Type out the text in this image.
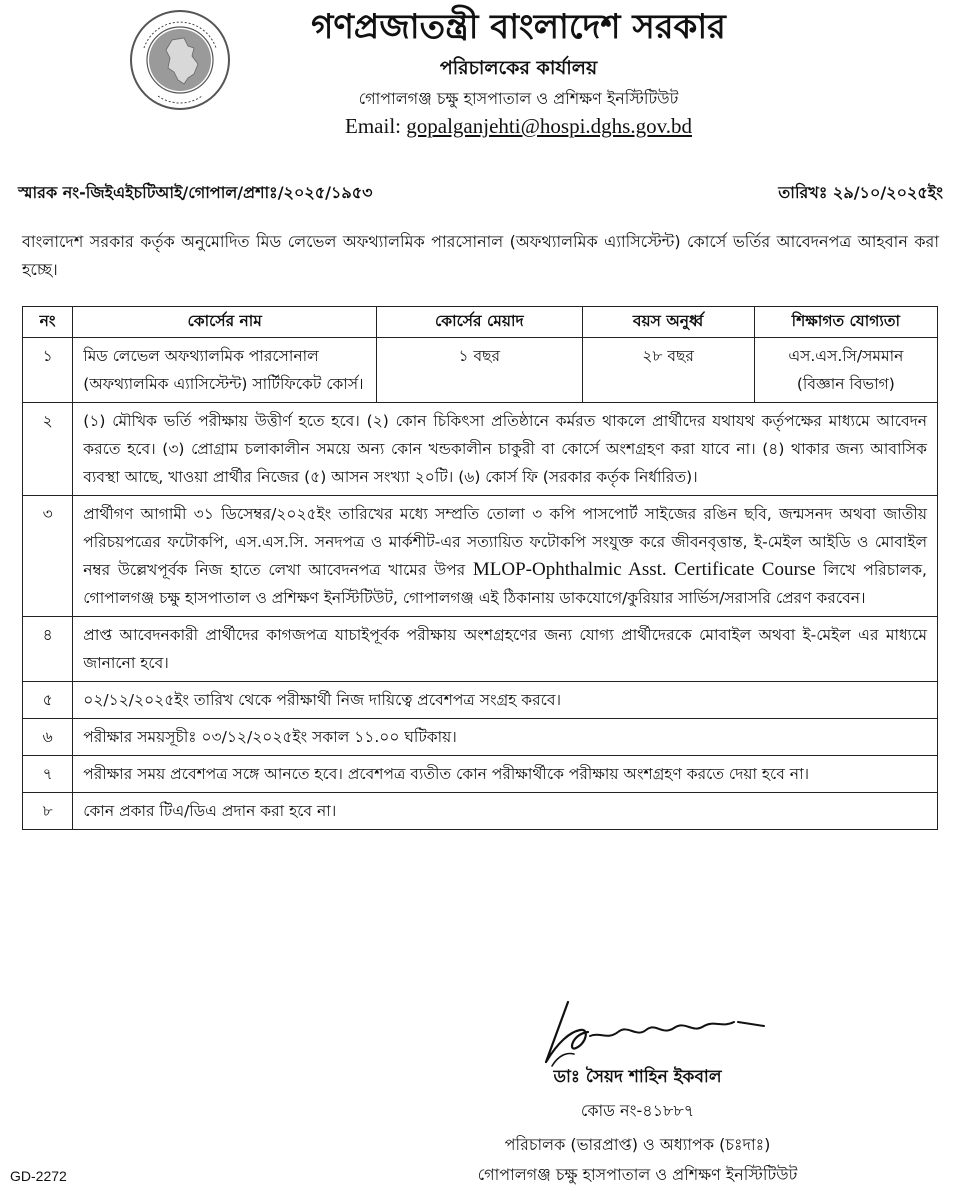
গণপ্রজাতন্ত্রী বাংলাদেশ সরকার
পরিচালকের কার্যালয়
গোপালগঞ্জ চক্ষু হাসপাতাল ও প্রশিক্ষণ ইনস্টিটিউট
Email: gopalganjehti@hospi.dghs.gov.bd
স্মারক নং-জিইএইচটিআই/গোপাল/প্রশাঃ/২০২৫/১৯৫৩	তারিখঃ ২৯/১০/২০২৫ইং
বাংলাদেশ সরকার কর্তৃক অনুমোদিত মিড লেভেল অফথ্যালমিক পারসোনাল (অফথ্যালমিক এ্যাসিস্টেন্ট) কোর্সে ভর্তির আবেদনপত্র আহবান করা হচ্ছে।
নং	কোর্সের নাম	কোর্সের মেয়াদ	বয়স অনুর্ধ্ব	শিক্ষাগত যোগ্যতা
১	মিড লেভেল অফথ্যালমিক পারসোনাল (অফথ্যালমিক এ্যাসিস্টেন্ট) সার্টিফিকেট কোর্স।	১ বছর	২৮ বছর	এস.এস.সি/সমমান
(বিজ্ঞান বিভাগ)

২	(১) মৌখিক ভর্তি পরীক্ষায় উত্তীর্ণ হতে হবে। (২) কোন চিকিৎসা প্রতিষ্ঠানে কর্মরত থাকলে প্রার্থীদের যথাযথ কর্তৃপক্ষের মাধ্যমে আবেদন করতে হবে। (৩) প্রোগ্রাম চলাকালীন সময়ে অন্য কোন খন্ডকালীন চাকুরী বা কোর্সে অংশগ্রহণ করা যাবে না। (৪) থাকার জন্য আবাসিক ব্যবস্থা আছে, খাওয়া প্রার্থীর নিজের (৫) আসন সংখ্যা ২০টি। (৬) কোর্স ফি (সরকার কর্তৃক নির্ধারিত)।			
৩	প্রার্থীগণ আগামী ৩১ ডিসেম্বর/২০২৫ইং তারিখের মধ্যে সম্প্রতি তোলা ৩ কপি পাসপোর্ট সাইজের রঙিন ছবি, জন্মসনদ অথবা জাতীয় পরিচয়পত্রের ফটোকপি, এস.এস.সি. সনদপত্র ও মার্কশীট-এর সত্যায়িত ফটোকপি সংযুক্ত করে জীবনবৃত্তান্ত, ই-মেইল আইডি ও মোবাইল নম্বর উল্লেখপূর্বক নিজ হাতে লেখা আবেদনপত্র খামের উপর MLOP-Ophthalmic Asst. Certificate Course লিখে পরিচালক, গোপালগঞ্জ চক্ষু হাসপাতাল ও প্রশিক্ষণ ইনস্টিটিউট, গোপালগঞ্জ এই ঠিকানায় ডাকযোগে/কুরিয়ার সার্ভিস/সরাসরি প্রেরণ করবেন।			
৪	প্রাপ্ত আবেদনকারী প্রার্থীদের কাগজপত্র যাচাইপূর্বক পরীক্ষায় অংশগ্রহণের জন্য যোগ্য প্রার্থীদেরকে মোবাইল অথবা ই-মেইল এর মাধ্যমে জানানো হবে।			
৫	০২/১২/২০২৫ইং তারিখ থেকে পরীক্ষার্থী নিজ দায়িত্বে প্রবেশপত্র সংগ্রহ করবে।			
৬	পরীক্ষার সময়সূচীঃ ০৩/১২/২০২৫ইং সকাল ১১.০০ ঘটিকায়।			
৭	পরীক্ষার সময় প্রবেশপত্র সঙ্গে আনতে হবে। প্রবেশপত্র ব্যতীত কোন পরীক্ষার্থীকে পরীক্ষায় অংশগ্রহণ করতে দেয়া হবে না।			
৮	কোন প্রকার টিএ/ডিএ প্রদান করা হবে না।			
ডাঃ সৈয়দ শাহিন ইকবাল
কোড নং-৪১৮৮৭
পরিচালক (ভারপ্রাপ্ত) ও অধ্যাপক (চঃদাঃ)
গোপালগঞ্জ চক্ষু হাসপাতাল ও প্রশিক্ষণ ইনস্টিটিউট
GD-2272
